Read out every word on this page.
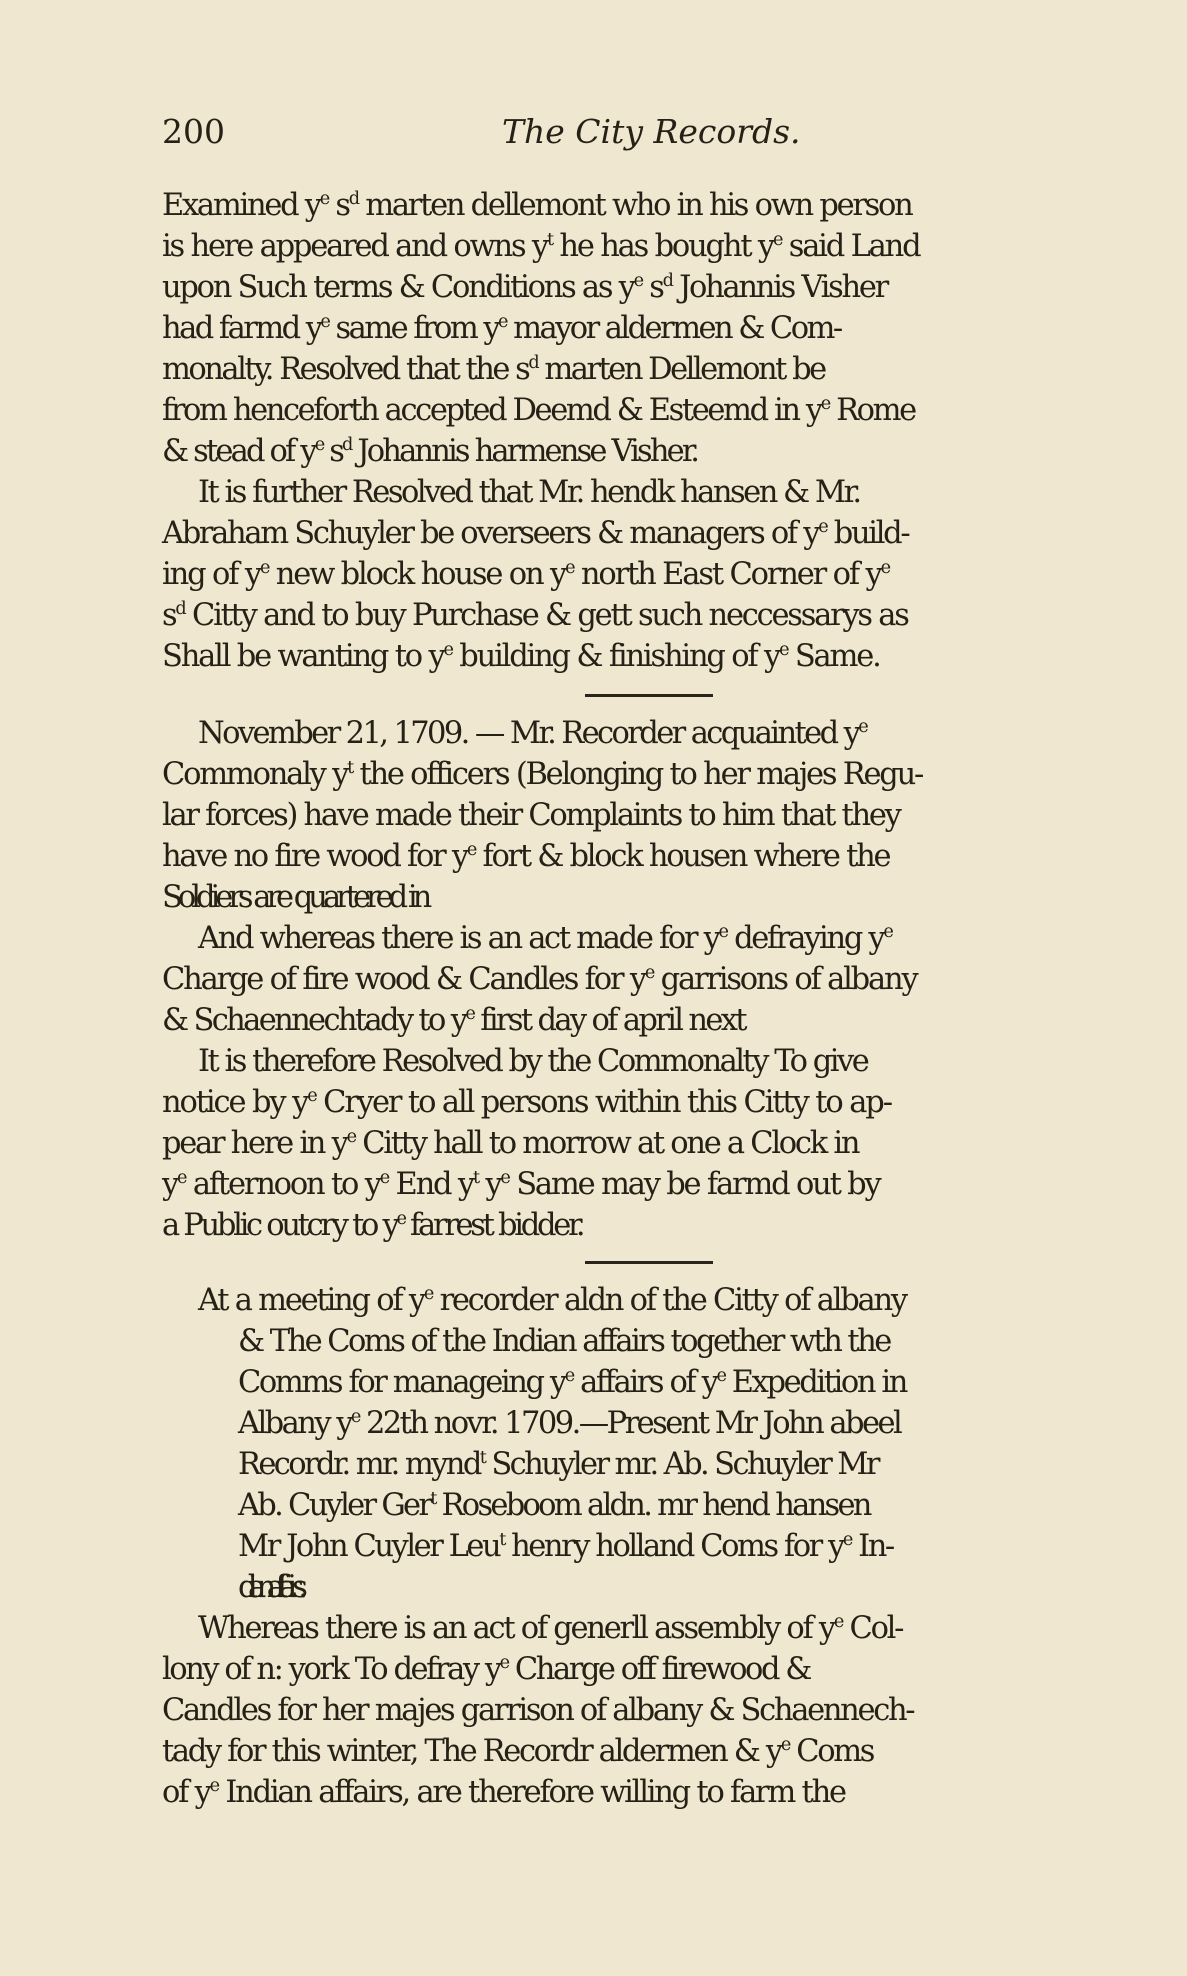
200	The City Records.
Examined $y^e$ $s^d$ marten dellemont who in his own person
is here appeared and owns $y^t$ he has bought $y^e$ said Land
upon Such terms & Conditions as $y^e$ $s^d$ Johannis Visher
had farmd $y^e$ same from $y^e$ mayor aldermen & Com-
monalty. Resolved that the $s^d$ marten Dellemont be
from henceforth accepted Deemd & Esteemd in $y^e$ Rome
& stead of $y^e$ $s^d$ Johannis harmense Visher.
It is further Resolved that Mr. hendk hansen & Mr.
Abraham Schuyler be overseers & managers of $y^e$ build-
ing of $y^e$ new block house on $y^e$ north East Corner of $y^e$
$s^d$ Citty and to buy Purchase & gett such neccessarys as
Shall be wanting to $y^e$ building & finishing of $y^e$ Same.
November 21, 1709. — Mr. Recorder acquainted $y^e$
Commonaly $y^t$ the officers (Belonging to her majes Regu-
lar forces) have made their Complaints to him that they
have no fire wood for $y^e$ fort & block housen where the
Soldiers are quartered in
And whereas there is an act made for $y^e$ defraying $y^e$
Charge of fire wood & Candles for $y^e$ garrisons of albany
& Schaennechtady to $y^e$ first day of april next
It is therefore Resolved by the Commonalty To give
notice by $y^e$ Cryer to all persons within this Citty to ap-
pear here in $y^e$ Citty hall to morrow at one a Clock in
$y^e$ afternoon to $y^e$ End $y^t$ $y^e$ Same may be farmd out by
a Public outcry to $y^e$ farrest bidder.
At a meeting of $y^e$ recorder aldn of the Citty of albany
& The Coms of the Indian affairs together wth the
Comms for manageing $y^e$ affairs of $y^e$ Expedition in
Albany $y^e$ 22th novr. 1709.—Present Mr John abeel
Recordr. mr. mynd$^t$ Schuyler mr. Ab. Schuyler Mr
Ab. Cuyler Ger$^t$ Roseboom aldn. mr hend hansen
Mr John Cuyler Leu$^t$ henry holland Coms for $y^e$ In-
dian affairs.
Whereas there is an act of generll assembly of $y^e$ Col-
lony of n: york To defray $y^e$ Charge off firewood &
Candles for her majes garrison of albany & Schaennech-
tady for this winter, The Recordr aldermen & $y^e$ Coms
of $y^e$ Indian affairs, are therefore willing to farm the
